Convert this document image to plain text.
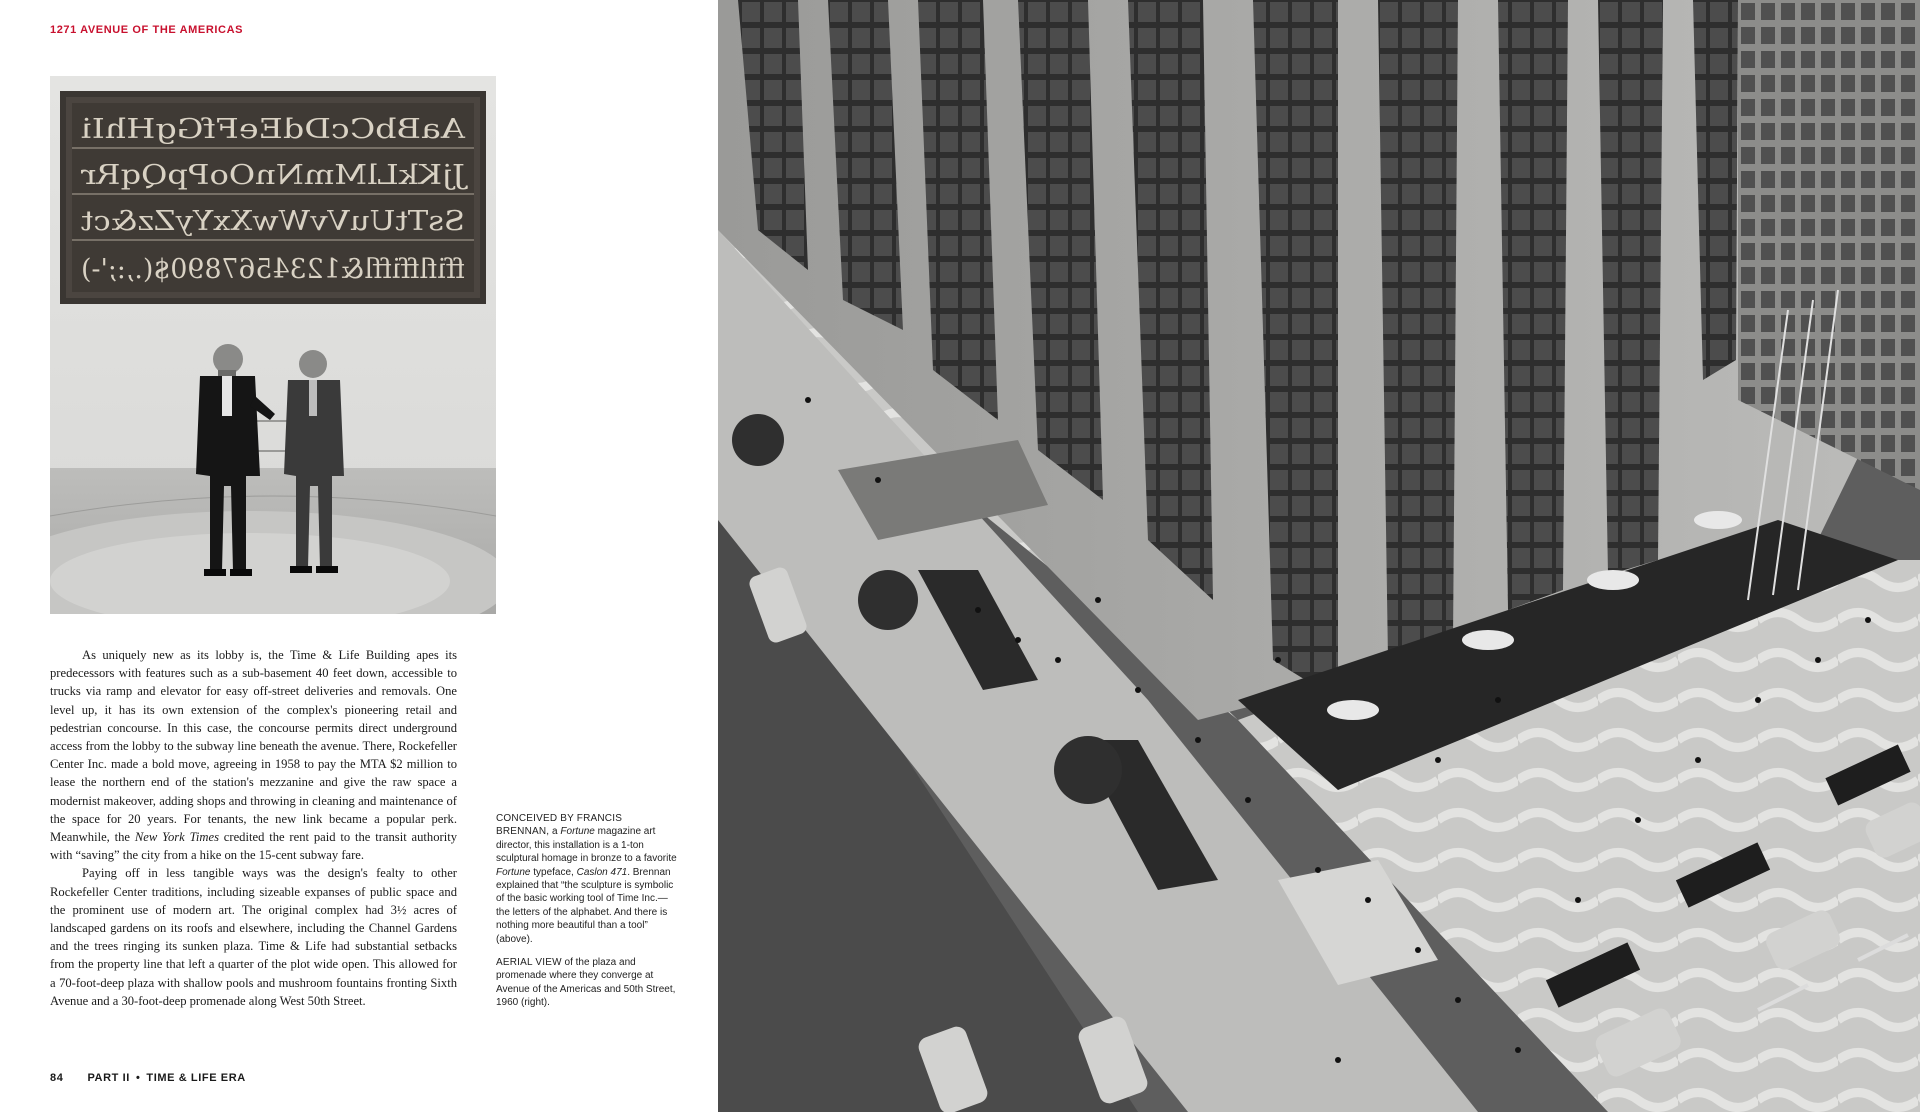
1271 AVENUE OF THE AMERICAS
AaBbCcDdEeFfGgHhIi
JjKkLlMmNnOoPpQqRr
SsTtUuVvWwXxYyZz&ct
ffiflffiffl&1234567890$(.,:;'-)

As uniquely new as its lobby is, the Time & Life Building apes its predecessors with features such as a sub-basement 40 feet down, accessible to trucks via ramp and elevator for easy off-street deliveries and removals. One level up, it has its own extension of the complex's pioneering retail and pedestrian concourse. In this case, the concourse permits direct underground access from the lobby to the subway line beneath the avenue. There, Rockefeller Center Inc. made a bold move, agreeing in 1958 to pay the MTA $2 million to lease the northern end of the station's mezzanine and give the raw space a modernist makeover, adding shops and throwing in cleaning and maintenance of the space for 20 years. For tenants, the new link became a popular perk. Meanwhile, the New York Times credited the rent paid to the transit authority with “saving” the city from a hike on the 15-cent subway fare.

Paying off in less tangible ways was the design's fealty to other Rockefeller Center traditions, including sizeable expanses of public space and the prominent use of modern art. The original complex had 3½ acres of landscaped gardens on its roofs and elsewhere, including the Channel Gardens and the trees ringing its sunken plaza. Time & Life had substantial setbacks from the property line that left a quarter of the plot wide open. This allowed for a 70-foot-deep plaza with shallow pools and mushroom fountains fronting Sixth Avenue and a 30-foot-deep promenade along West 50th Street.

CONCEIVED BY FRANCIS BRENNAN, a Fortune magazine art director, this installation is a 1-ton sculptural homage in bronze to a favorite Fortune typeface, Caslon 471. Brennan explained that “the sculpture is symbolic of the basic working tool of Time Inc.—the letters of the alphabet. And there is nothing more beautiful than a tool” (above).

AERIAL VIEW of the plaza and promenade where they converge at Avenue of the Americas and 50th Street, 1960 (right).

84 PART II • TIME & LIFE ERA
